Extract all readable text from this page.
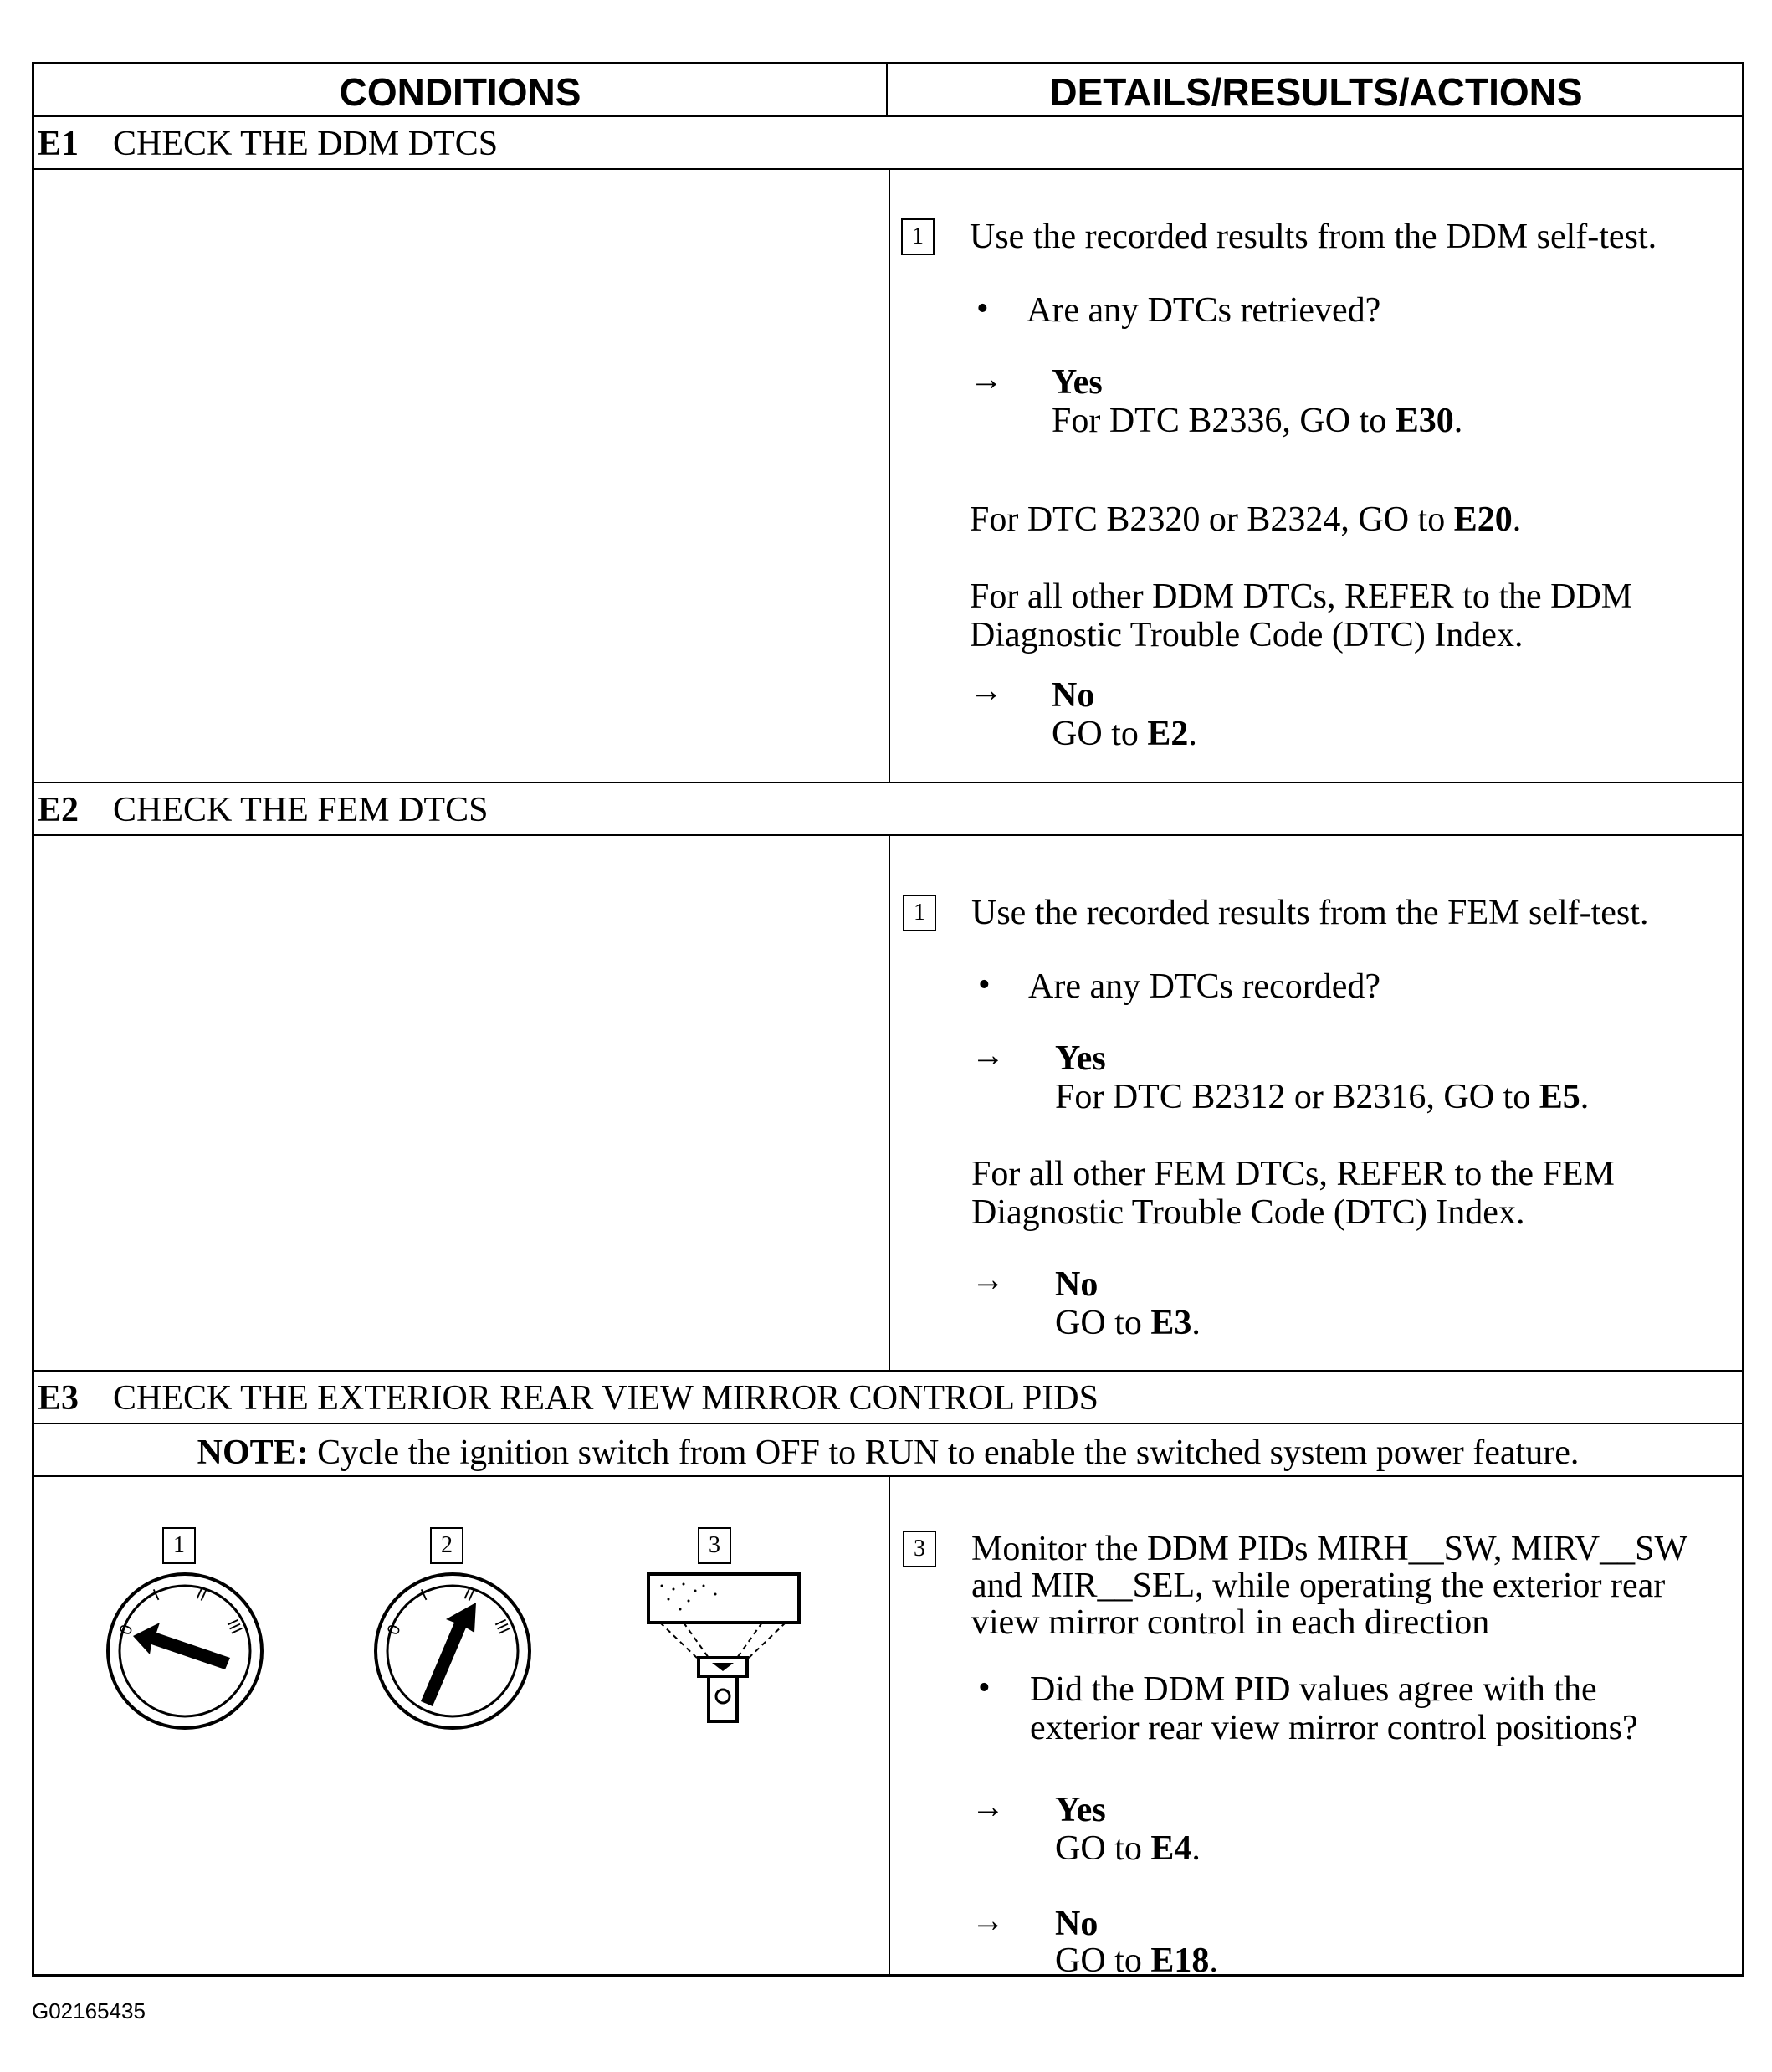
CONDITIONS	DETAILS/RESULTS/ACTIONS
E1 CHECK THE DDM DTCS
1	Use the recorded results from the DDM self-test.
• Are any DTCs retrieved?
→ Yes
For DTC B2336, GO to E30.
For DTC B2320 or B2324, GO to E20.
For all other DDM DTCs, REFER to the DDM
Diagnostic Trouble Code (DTC) Index.
→ No
GO to E2.
E2 CHECK THE FEM DTCS
1	Use the recorded results from the FEM self-test.
• Are any DTCs recorded?
→ Yes
For DTC B2312 or B2316, GO to E5.
For all other FEM DTCs, REFER to the FEM
Diagnostic Trouble Code (DTC) Index.
→ No
GO to E3.
E3 CHECK THE EXTERIOR REAR VIEW MIRROR CONTROL PIDS
NOTE: Cycle the ignition switch from OFF to RUN to enable the switched system power feature.
1	2	3
0
I II
III	0
I II
III
3	Monitor the DDM PIDs MIRH__SW, MIRV__SW
and MIR__SEL, while operating the exterior rear
view mirror control in each direction
• Did the DDM PID values agree with the
exterior rear view mirror control positions?
→ Yes
GO to E4.
→ No
GO to E18.
G02165435
